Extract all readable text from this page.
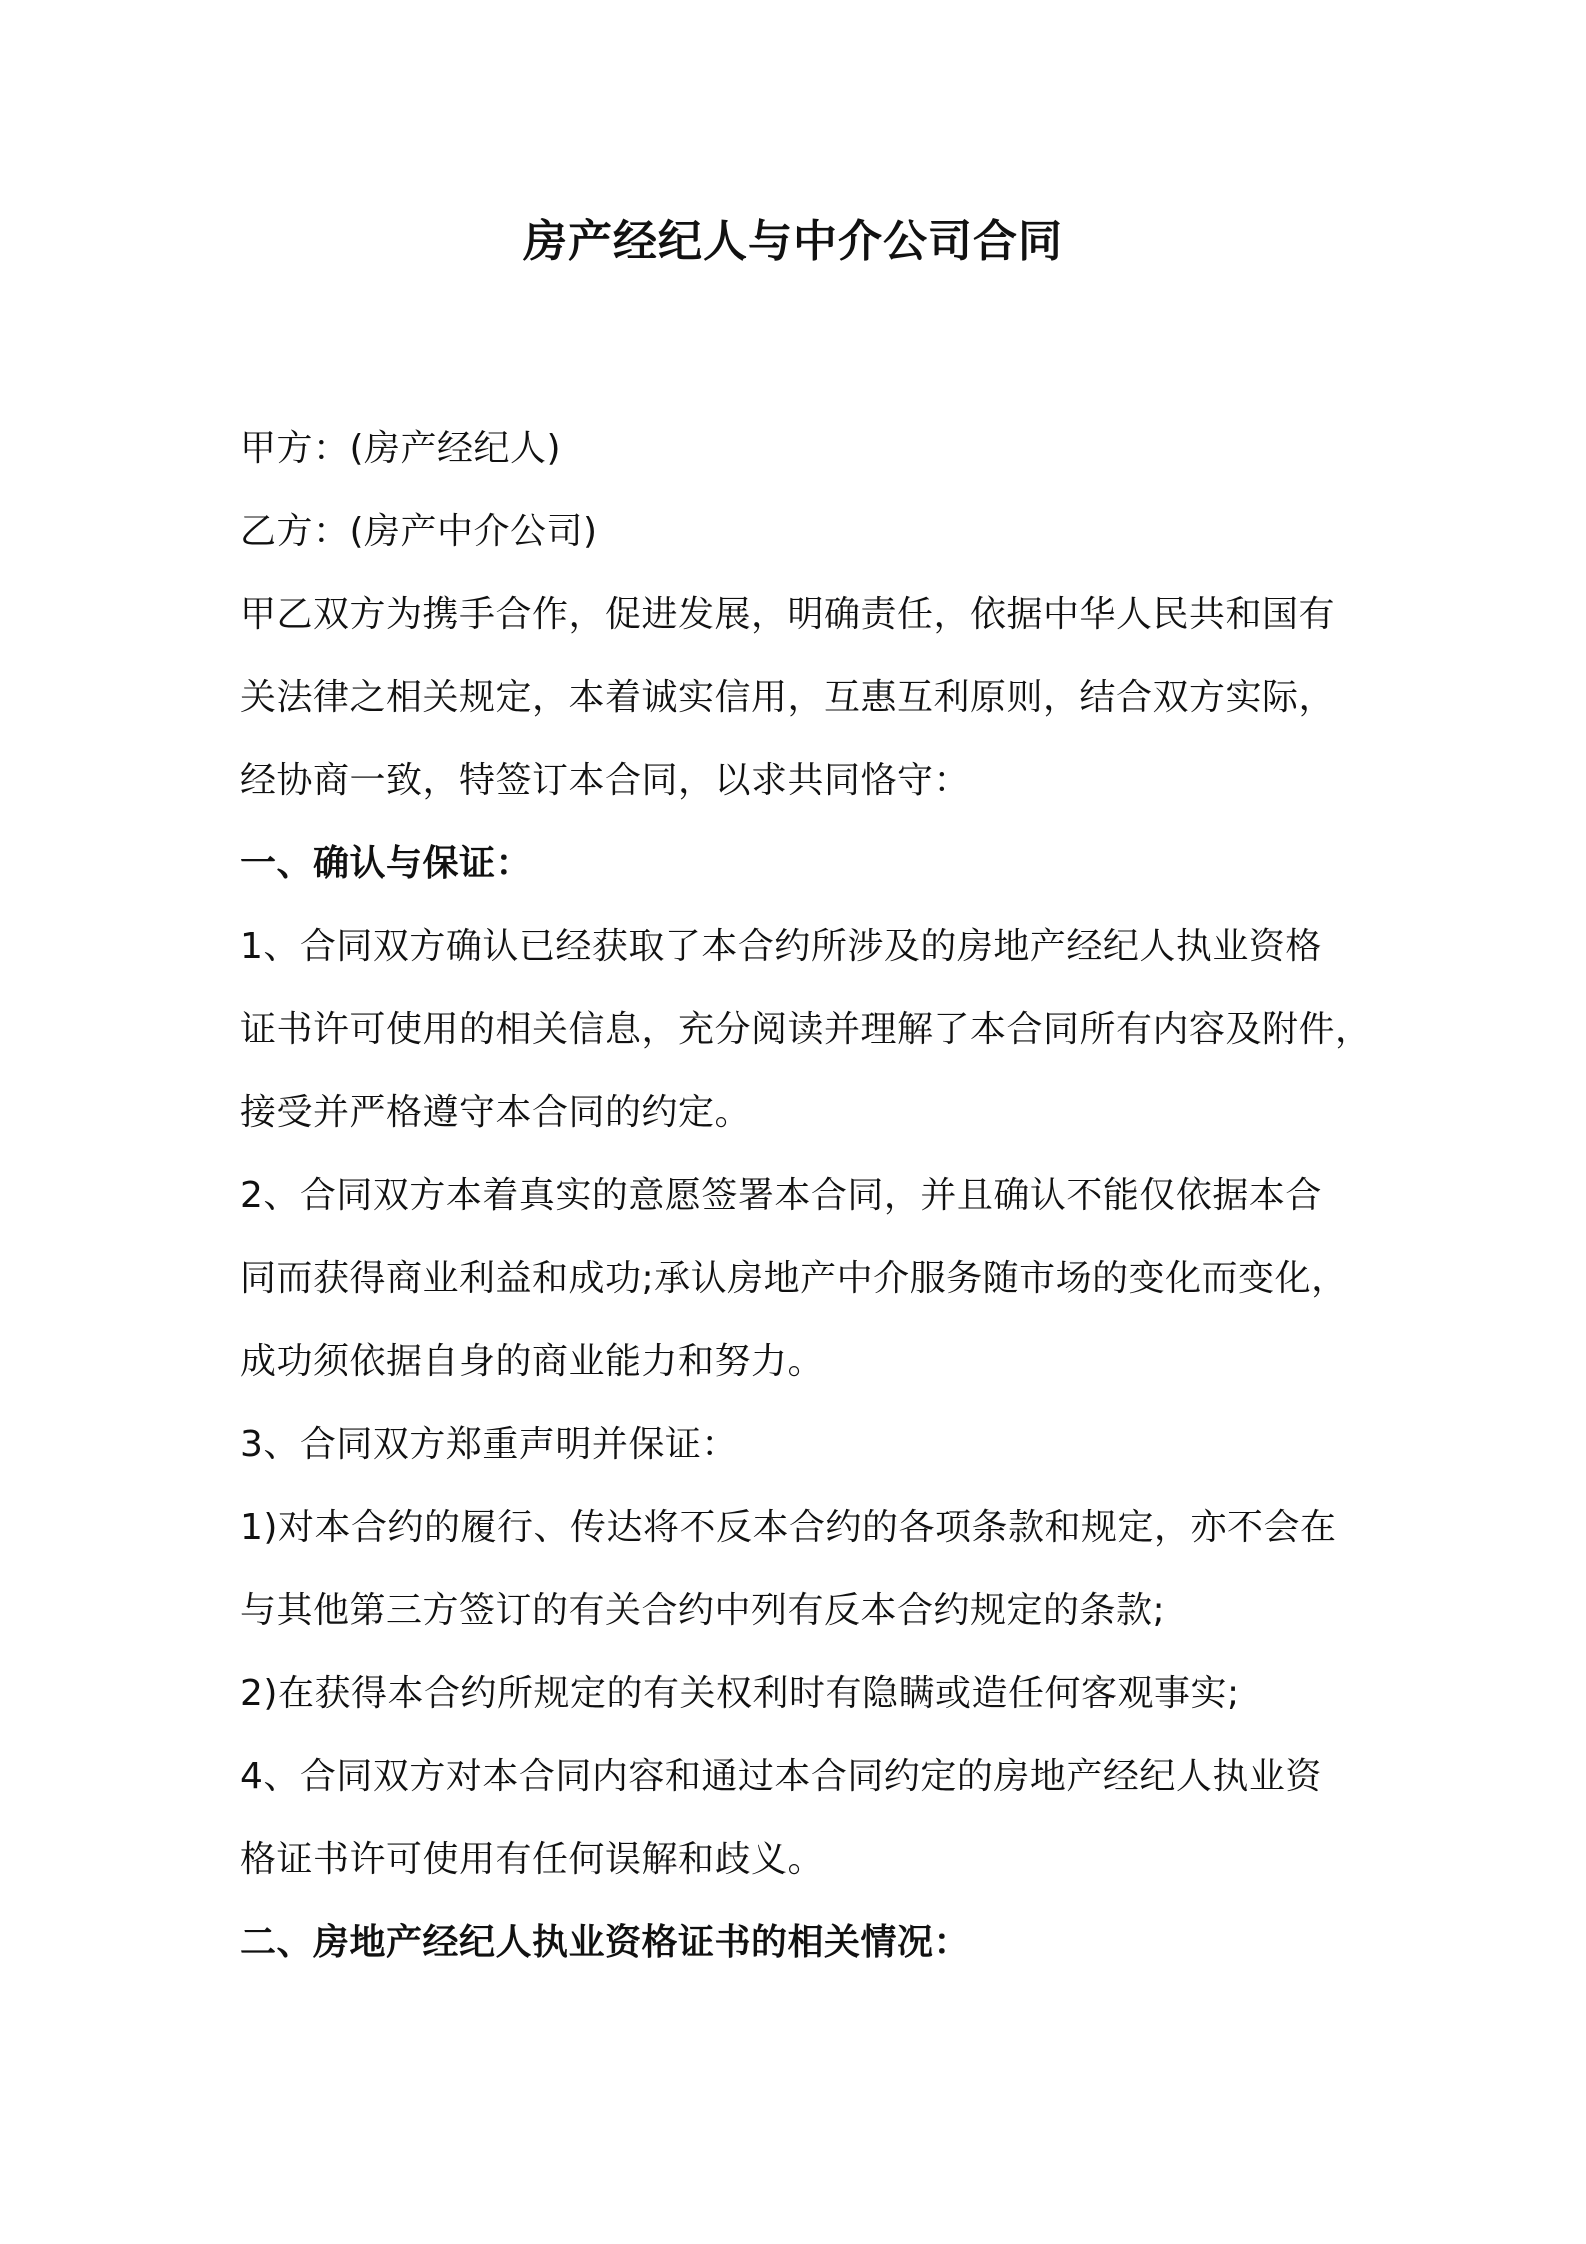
房产经纪人与中介公司合同
甲方：(房产经纪人)
乙方：(房产中介公司)
甲乙双方为携手合作，促进发展，明确责任，依据中华人民共和国有
关法律之相关规定，本着诚实信用，互惠互利原则，结合双方实际，
经协商一致，特签订本合同，以求共同恪守：
一、确认与保证：
1、合同双方确认已经获取了本合约所涉及的房地产经纪人执业资格
证书许可使用的相关信息，充分阅读并理解了本合同所有内容及附件，
接受并严格遵守本合同的约定。
2、合同双方本着真实的意愿签署本合同，并且确认不能仅依据本合
同而获得商业利益和成功;承认房地产中介服务随市场的变化而变化，
成功须依据自身的商业能力和努力。
3、合同双方郑重声明并保证：
1)对本合约的履行、传达将不反本合约的各项条款和规定，亦不会在
与其他第三方签订的有关合约中列有反本合约规定的条款;
2)在获得本合约所规定的有关权利时有隐瞒或造任何客观事实;
4、合同双方对本合同内容和通过本合同约定的房地产经纪人执业资
格证书许可使用有任何误解和歧义。
二、房地产经纪人执业资格证书的相关情况：
